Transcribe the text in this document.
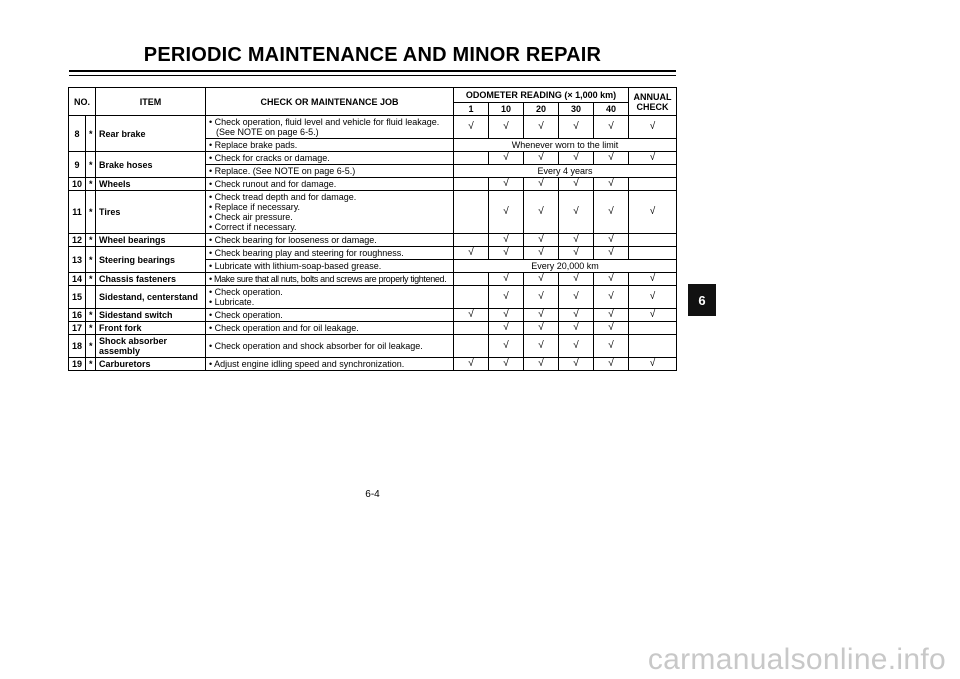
PERIODIC MAINTENANCE AND MINOR REPAIR
NO.		ITEM	CHECK OR MAINTENANCE JOB	ODOMETER READING (× 1,000 km)					ANNUAL
CHECK
				1	10	20	30	40	
8	*	Rear brake	• Check operation, fluid level and vehicle for fluid leakage.
(See NOTE on page 6-5.)	√	√	√	√	√	√

			• Replace brake pads.	Whenever worn to the limit					
9	*	Brake hoses	• Check for cracks or damage.		√	√	√	√	√

			• Replace. (See NOTE on page 6-5.)	Every 4 years					
10	*	Wheels	• Check runout and for damage.		√	√	√	√	
11	*	Tires	• Check tread depth and for damage.
• Replace if necessary.
• Check air pressure.
• Correct if necessary.		√	√	√	√	√
12	*	Wheel bearings	• Check bearing for looseness or damage.		√	√	√	√	
13	*	Steering bearings	• Check bearing play and steering for roughness.	√	√	√	√	√	

			• Lubricate with lithium-soap-based grease.	Every 20,000 km					
14	*	Chassis fasteners	• Make sure that all nuts, bolts and screws are properly tightened.		√	√	√	√	√
15		Sidestand, centerstand	• Check operation.
• Lubricate.		√	√	√	√	√
16	*	Sidestand switch	• Check operation.	√	√	√	√	√	√
17	*	Front fork	• Check operation and for oil leakage.		√	√	√	√	
18	*	Shock absorber
assembly	• Check operation and shock absorber for oil leakage.		√	√	√	√	
19	*	Carburetors	• Adjust engine idling speed and synchronization.	√	√	√	√	√	√
6
6-4
carmanualsonline.info
